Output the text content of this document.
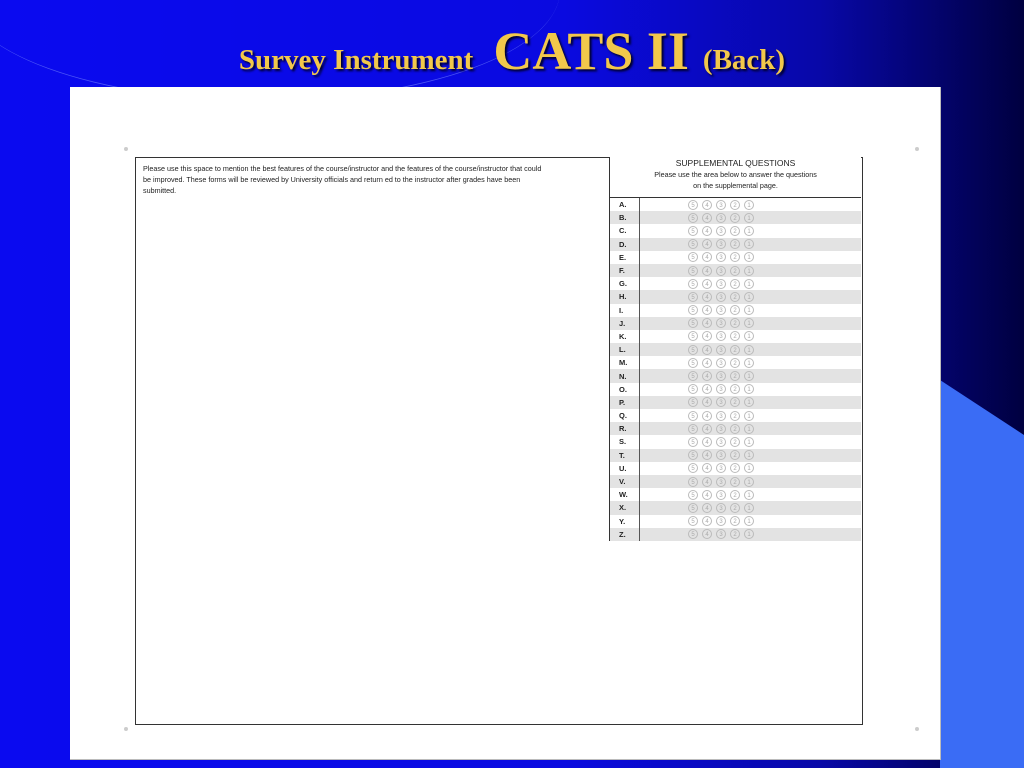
Survey Instrument CATS II (Back)
Please use this space to mention the best features of the course/instructor and the features of the course/instructor that could be improved. These forms will be reviewed by University officials and return ed to the instructor after grades have been submitted.
SUPPLEMENTAL QUESTIONS
Please use the area below to answer the questions
on the supplemental page.
A.	5	4	3	2	1
B.	5	4	3	2	1
C.	5	4	3	2	1
D.	5	4	3	2	1
E.	5	4	3	2	1
F.	5	4	3	2	1
G.	5	4	3	2	1
H.	5	4	3	2	1
I.	5	4	3	2	1
J.	5	4	3	2	1
K.	5	4	3	2	1
L.	5	4	3	2	1
M.	5	4	3	2	1
N.	5	4	3	2	1
O.	5	4	3	2	1
P.	5	4	3	2	1
Q.	5	4	3	2	1
R.	5	4	3	2	1
S.	5	4	3	2	1
T.	5	4	3	2	1
U.	5	4	3	2	1
V.	5	4	3	2	1
W.	5	4	3	2	1
X.	5	4	3	2	1
Y.	5	4	3	2	1
Z.	5	4	3	2	1
